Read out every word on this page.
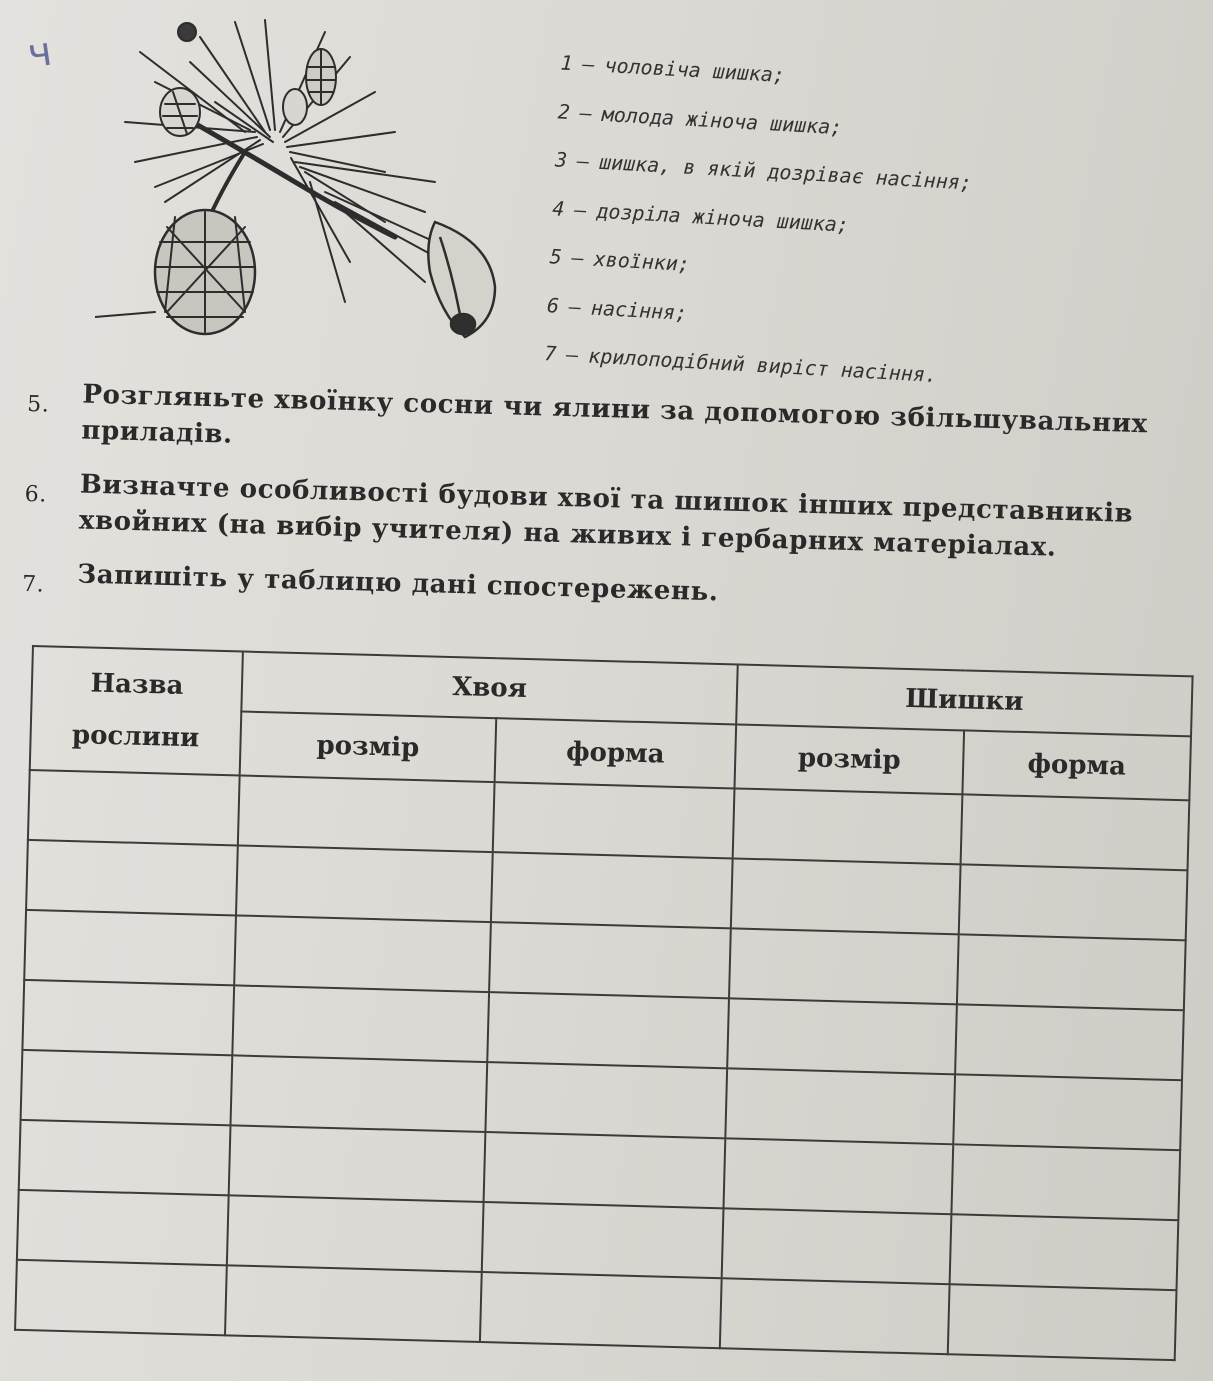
ч	1 — чоловіча шишка;
2 — молода жіноча шишка;
3 — шишка, в якій дозріває насіння;
4 — дозріла жіноча шишка;
5 — хвоїнки;
6 — насіння;
7 — крилоподібний виріст насіння.
5. Розгляньте хвоїнку сосни чи ялини за допомогою збільшувальних приладів.
6. Визначте особливості будови хвої та шишок інших представників хвойних (на вибір учителя) на живих і гербарних матеріалах.
7. Запишіть у таблицю дані спостережень.
Назва
рослини	Хвоя		Шишки	
	розмір	форма	розмір	форма
